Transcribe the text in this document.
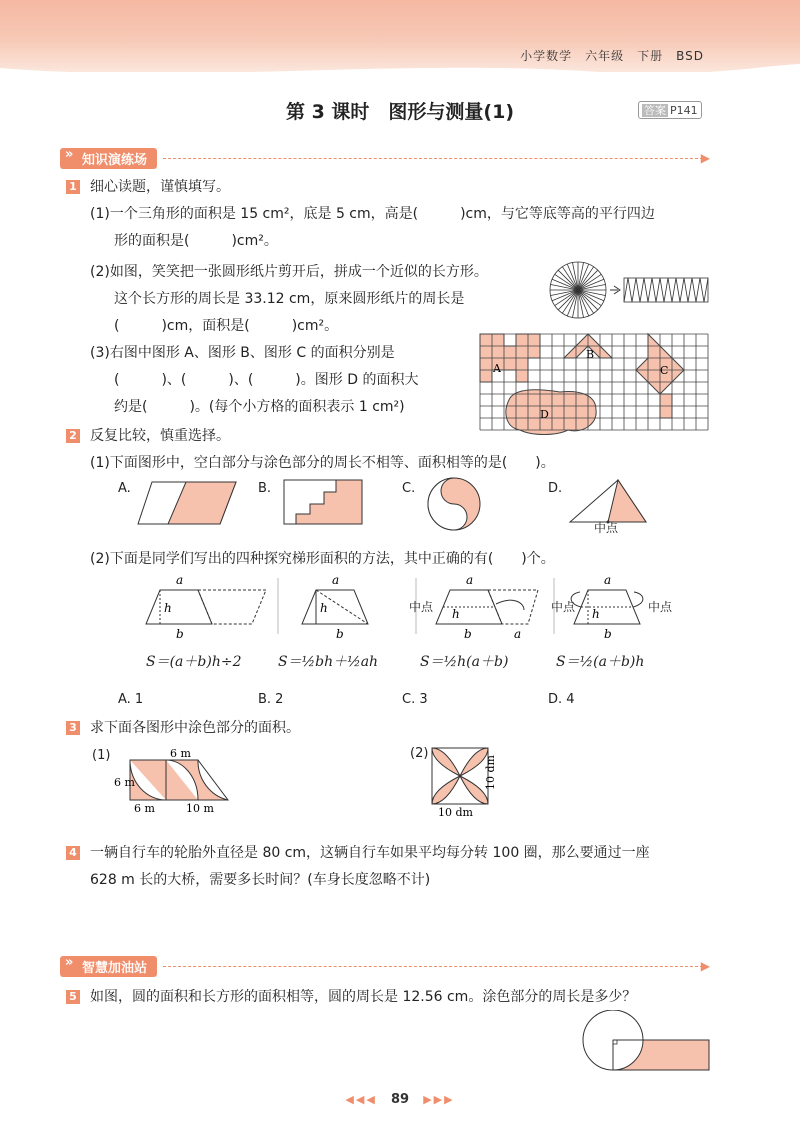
小学数学　六年级　下册　BSD
第 3 课时　图形与测量(1)	答案 P141
» 知识演练场	▶
1 细心读题，谨慎填写。
(1)一个三角形的面积是 15 cm²，底是 5 cm，高是(　　　)cm，与它等底等高的平行四边
形的面积是(　　　)cm²。
(2)如图，笑笑把一张圆形纸片剪开后，拼成一个近似的长方形。
这个长方形的周长是 33.12 cm，原来圆形纸片的周长是
(　　　)cm，面积是(　　　)cm²。
(3)右图中图形 A、图形 B、图形 C 的面积分别是
(　　　)、(　　　)、(　　　)。图形 D 的面积大
约是(　　　)。(每个小方格的面积表示 1 cm²)
A
B
C
D
2 反复比较，慎重选择。
(1)下面图形中，空白部分与涂色部分的周长不相等、面积相等的是(　　)。
A.	B.	C.	D.
中点
(2)下面是同学们写出的四种探究梯形面积的方法，其中正确的有(　　)个。
a
b
h
a
b
h
a
b	a
h
a
b
h
中点	中点	中点
S＝(a＋b)h÷2	S＝½bh＋½ah	S＝½h(a＋b)	S＝½(a＋b)h
A. 1	B. 2	C. 3	D. 4
3 求下面各图形中涂色部分的面积。
(1)	6 m
6 m
6 m	10 m
(2)
10 dm
10 dm
4 一辆自行车的轮胎外直径是 80 cm，这辆自行车如果平均每分转 100 圈，那么要通过一座
628 m 长的大桥，需要多长时间？(车身长度忽略不计)
» 智慧加油站	▶
5 如图，圆的面积和长方形的面积相等，圆的周长是 12.56 cm。涂色部分的周长是多少？
◀◀◀ 89 ▶▶▶
